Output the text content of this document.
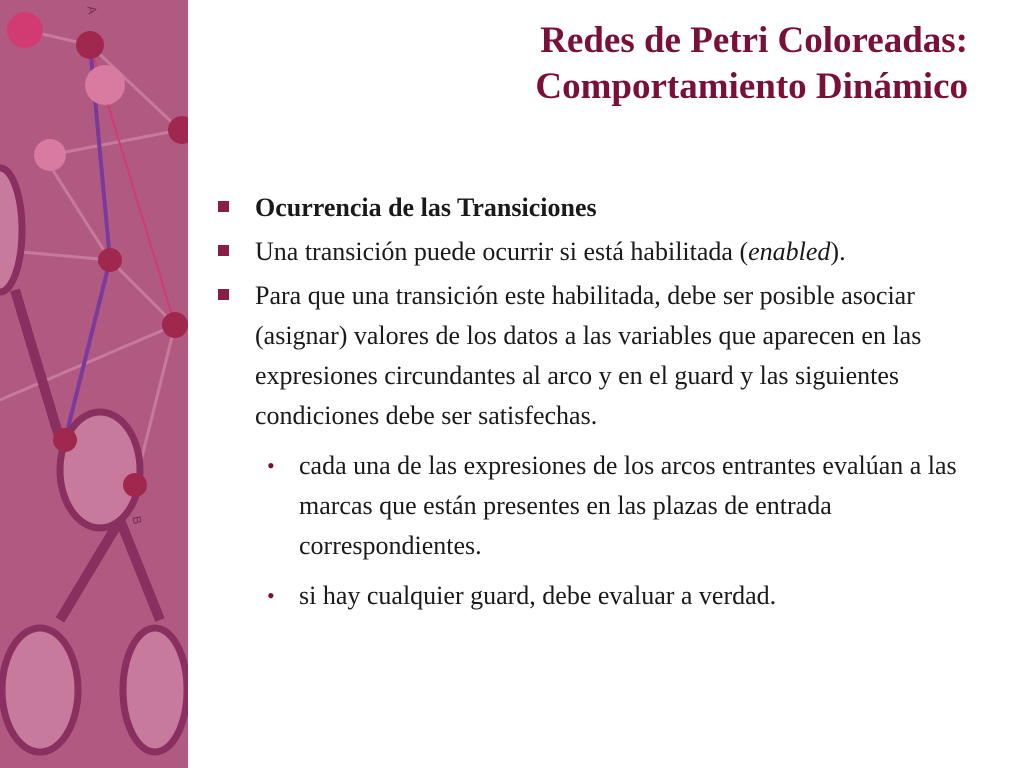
A
B
Redes de Petri Coloreadas:
Comportamiento Dinámico
Ocurrencia de las Transiciones
Una transición puede ocurrir si está habilitada (enabled).
Para que una transición este habilitada, debe ser posible asociar (asignar) valores de los datos a las variables que aparecen en las expresiones circundantes al arco y en el guard y las siguientes condiciones debe ser satisfechas.
• cada una de las expresiones de los arcos entrantes evalúan a las marcas que están presentes en las plazas de entrada correspondientes.
• si hay cualquier guard, debe evaluar a verdad.
